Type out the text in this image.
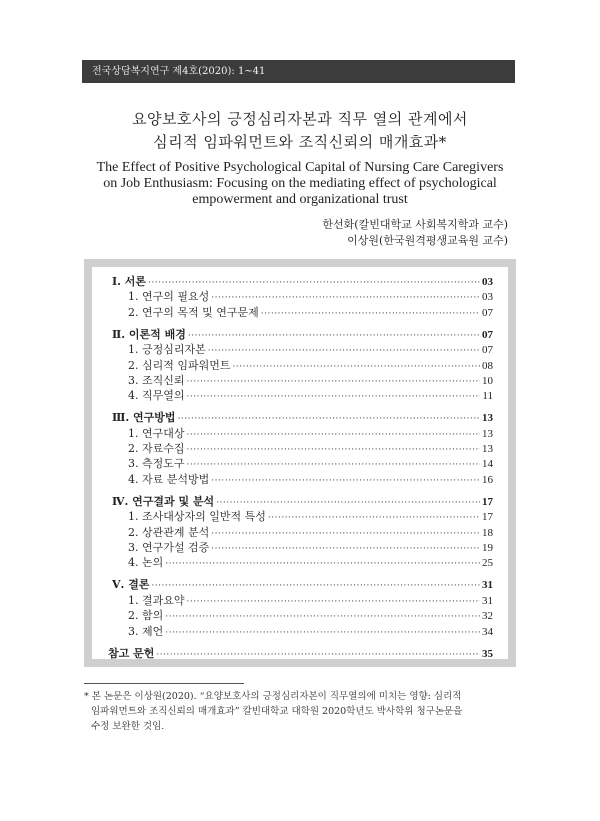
전국상담복지연구 제4호(2020): 1~41
요양보호사의 긍정심리자본과 직무 열의 관계에서
심리적 임파워먼트와 조직신뢰의 매개효과*
The Effect of Positive Psychological Capital of Nursing Care Caregivers
on Job Enthusiasm: Focusing on the mediating effect of psychological
empowerment and organizational trust
한선화(칼빈대학교 사회복지학과 교수)
이상원(한국원격평생교육원 교수)
Ⅰ. 서론 ·····	03
1. 연구의 필요성 ·····	03
2. 연구의 목적 및 연구문제 ·····	07
Ⅱ. 이론적 배경 ·····	07
1. 긍정심리자본 ·····	07
2. 심리적 임파워먼트 ·····	08
3. 조직신뢰 ·····	10
4. 직무열의 ·····	11
Ⅲ. 연구방법 ·····	13
1. 연구대상 ·····	13
2. 자료수집 ·····	13
3. 측정도구 ·····	14
4. 자료 분석방법 ·····	16
Ⅳ. 연구결과 및 분석 ·····	17
1. 조사대상자의 일반적 특성 ·····	17
2. 상관관계 분석 ·····	18
3. 연구가설 검증 ·····	19
4. 논의 ·····	25
Ⅴ. 결론 ·····	31
1. 결과요약 ·····	31
2. 함의 ·····	32
3. 제언 ·····	34
참고 문헌 ·····	35
* 본 논문은 이상원(2020). “요양보호사의 긍정심리자본이 직무열의에 미치는 영향: 심리적
임파워먼트와 조직신뢰의 매개효과” 칼빈대학교 대학원 2020학년도 박사학위 청구논문을
수정 보완한 것임.
